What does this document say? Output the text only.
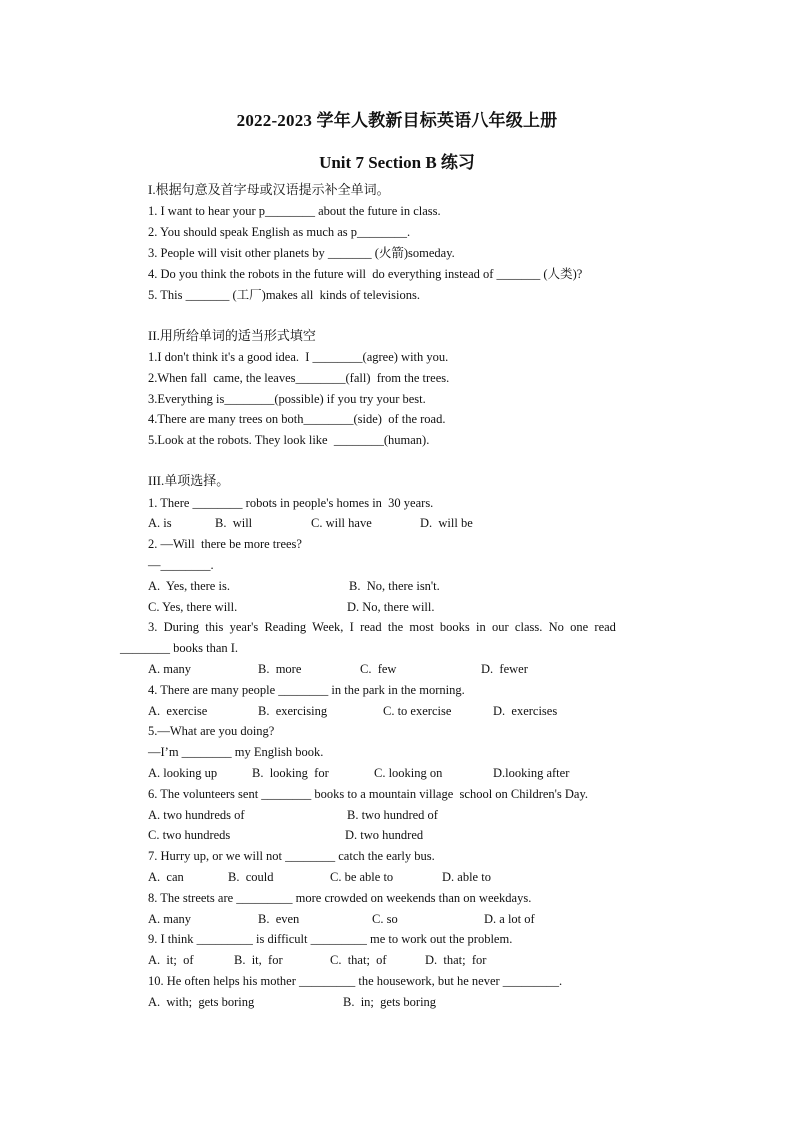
2022-2023 学年人教新目标英语八年级上册
Unit 7 Section B 练习
I.根据句意及首字母或汉语提示补全单词。
1. I want to hear your p________ about the future in class.
2. You should speak English as much as p________.
3. People will visit other planets by _______ (火箭)someday.
4. Do you think the robots in the future will  do everything instead of _______ (人类)?
5. This _______ (工厂)makes all  kinds of televisions.
II.用所给单词的适当形式填空
1.I don't think it's a good idea.  I ________(agree) with you.
2.When fall  came, the leaves________(fall)  from the trees.
3.Everything is________(possible) if you try your best.
4.There are many trees on both________(side)  of the road.
5.Look at the robots. They look like  ________(human).
III.单项选择。
1. There ________ robots in people's homes in  30 years.
A. is	B.  will	C. will have	D.  will be
2. —Will  there be more trees?
—________.
A.  Yes, there is.	B.  No, there isn't.
C. Yes, there will.	D. No, there will.
3.  During  this  year's  Reading  Week,  I  read  the  most  books  in  our  class.  No  one  read
________ books than I.
A. many	B.  more	C.  few	D.  fewer
4. There are many people ________ in the park in the morning.
A.  exercise	B.  exercising	C. to exercise	D.  exercises
5.—What are you doing?
—I’m ________ my English book.
A. looking up	B.  looking  for	C. looking on	D.looking after
6. The volunteers sent ________ books to a mountain village  school on Children's Day.
A. two hundreds of	B. two hundred of
C. two hundreds	D. two hundred
7. Hurry up, or we will not ________ catch the early bus.
A.  can	B.  could	C. be able to	D. able to
8. The streets are _________ more crowded on weekends than on weekdays.
A. many	B.  even	C. so	D. a lot of
9. I think _________ is difficult _________ me to work out the problem.
A.  it;  of	B.  it,  for	C.  that;  of	D.  that;  for
10. He often helps his mother _________ the housework, but he never _________.
A.  with;  gets boring	B.  in;  gets boring
